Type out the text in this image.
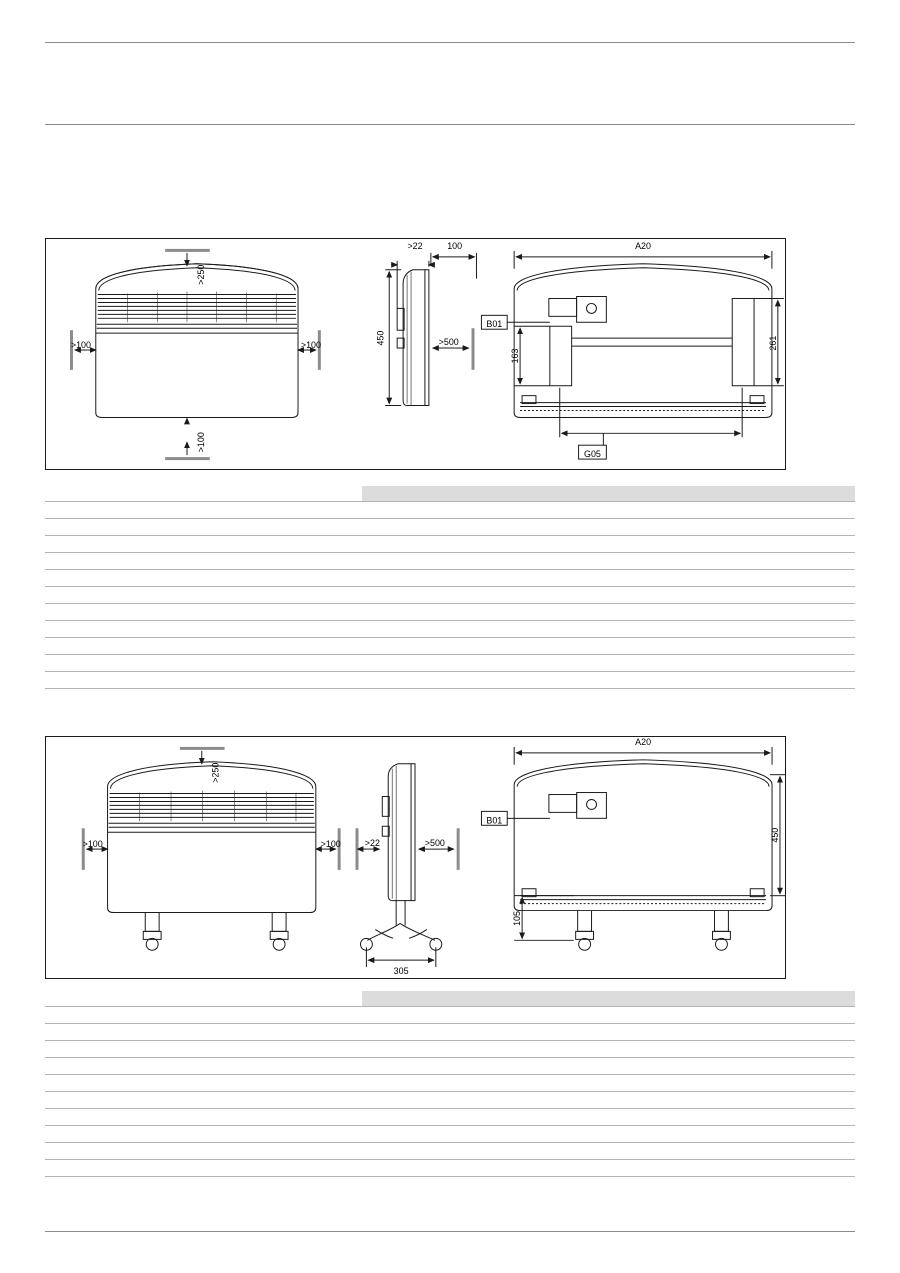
>250
>100	>100
>100
>22	100
450	>500
A20
261
163
B01
G05

>250
>100	>100	>22	>500
305
A20
450
105
B01
